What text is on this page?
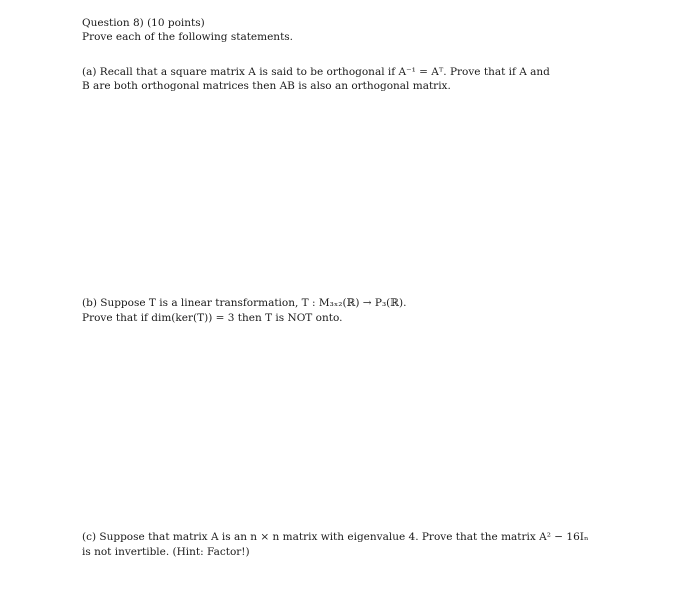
Question 8) (10 points)
Prove each of the following statements.
(a) Recall that a square matrix A is said to be orthogonal if A⁻¹ = Aᵀ. Prove that if A and
B are both orthogonal matrices then AB is also an orthogonal matrix.
(b) Suppose T is a linear transformation, T : M₃ₓ₂(ℝ) → P₃(ℝ).
Prove that if dim(ker(T)) = 3 then T is NOT onto.
(c) Suppose that matrix A is an n × n matrix with eigenvalue 4. Prove that the matrix A² − 16Iₙ
is not invertible. (Hint: Factor!)
